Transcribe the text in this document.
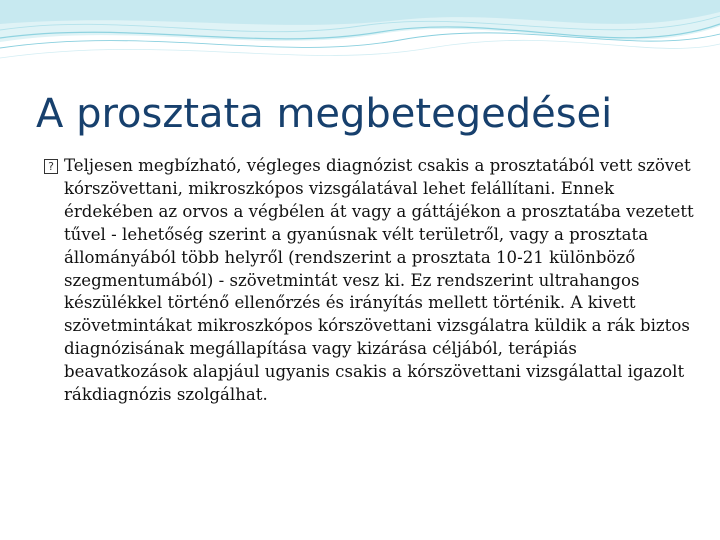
A prosztata megbetegedései

? Teljesen megbízható, végleges diagnózist csakis a prosztatából vett szövet kórszövettani, mikroszkópos vizsgálatával lehet felállítani. Ennek érdekében az orvos a végbélen át vagy a gáttájékon a prosztatába vezetett tűvel - lehetőség szerint a gyanúsnak vélt területről, vagy a prosztata állományából több helyről (rendszerint a prosztata 10-21 különböző szegmentumából) - szövetmintát vesz ki. Ez rendszerint ultrahangos készülékkel történő ellenőrzés és irányítás mellett történik. A kivett szövetmintákat mikroszkópos kórszövettani vizsgálatra küldik a rák biztos diagnózisának megállapítása vagy kizárása céljából, terápiás beavatkozások alapjául ugyanis csakis a kórszövettani vizsgálattal igazolt rákdiagnózis szolgálhat.
